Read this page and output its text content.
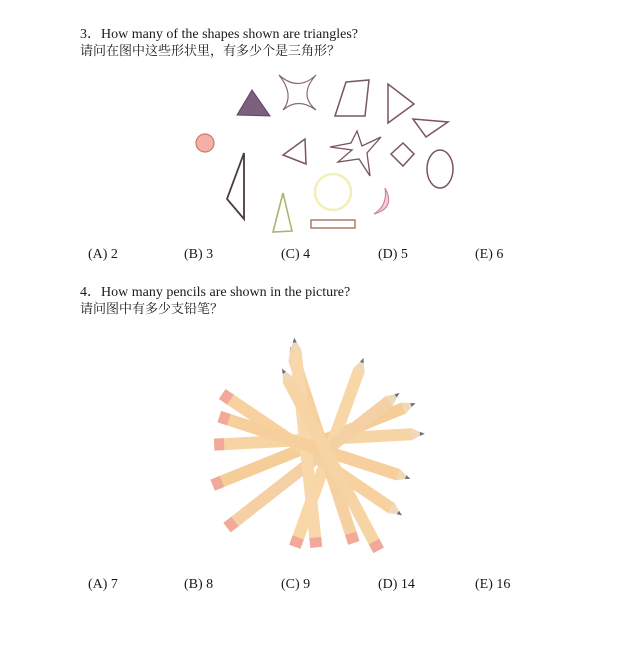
3．How many of the shapes shown are triangles?
请问在图中这些形状里，有多少个是三角形？
(A) 2	(B) 3	(C) 4	(D) 5	(E) 6
4．How many pencils are shown in the picture?
请问图中有多少支铅笔？
(A) 7	(B) 8	(C) 9	(D) 14	(E) 16
